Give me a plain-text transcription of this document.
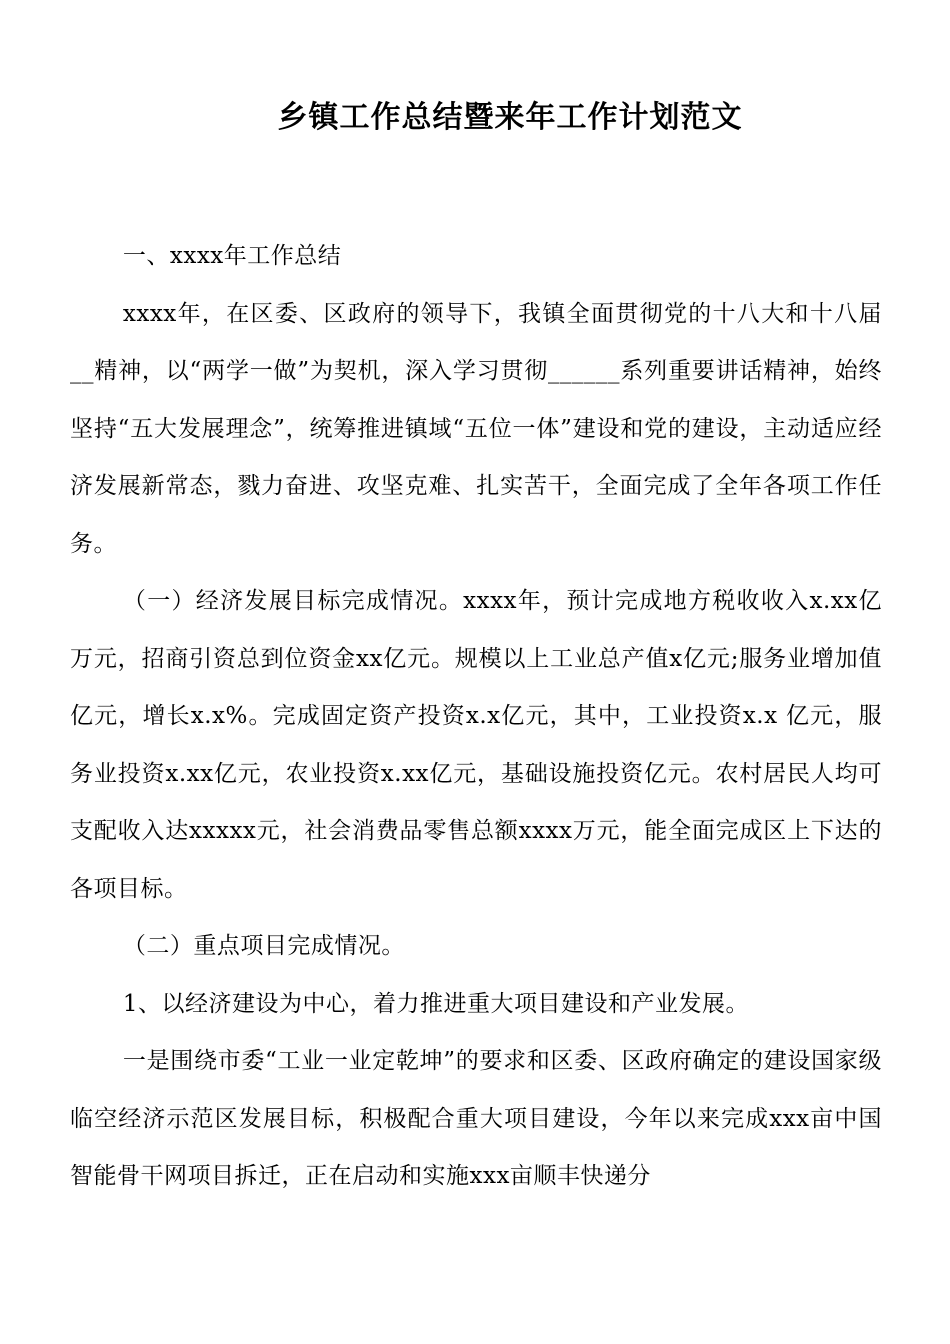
乡镇工作总结暨来年工作计划范文

一、xxxx年工作总结

xxxx年，在区委、区政府的领导下，我镇全面贯彻党的十八大和十八届__精神，以“两学一做”为契机，深入学习贯彻______系列重要讲话精神，始终坚持“五大发展理念”，统筹推进镇域“五位一体”建设和党的建设，主动适应经济发展新常态，戮力奋进、攻坚克难、扎实苦干，全面完成了全年各项工作任务。

（一）经济发展目标完成情况。xxxx年，预计完成地方税收收入x.xx亿万元，招商引资总到位资金xx亿元。规模以上工业总产值x亿元;服务业增加值 亿元，增长x.x%。完成固定资产投资x.x亿元，其中，工业投资x.x 亿元，服务业投资x.xx亿元，农业投资x.xx亿元，基础设施投资亿元。农村居民人均可支配收入达xxxxx元，社会消费品零售总额xxxx万元，能全面完成区上下达的各项目标。

（二）重点项目完成情况。

1、以经济建设为中心，着力推进重大项目建设和产业发展。

一是围绕市委“工业一业定乾坤”的要求和区委、区政府确定的建设国家级临空经济示范区发展目标，积极配合重大项目建设，今年以来完成xxx亩中国智能骨干网项目拆迁，正在启动和实施xxx亩顺丰快递分
